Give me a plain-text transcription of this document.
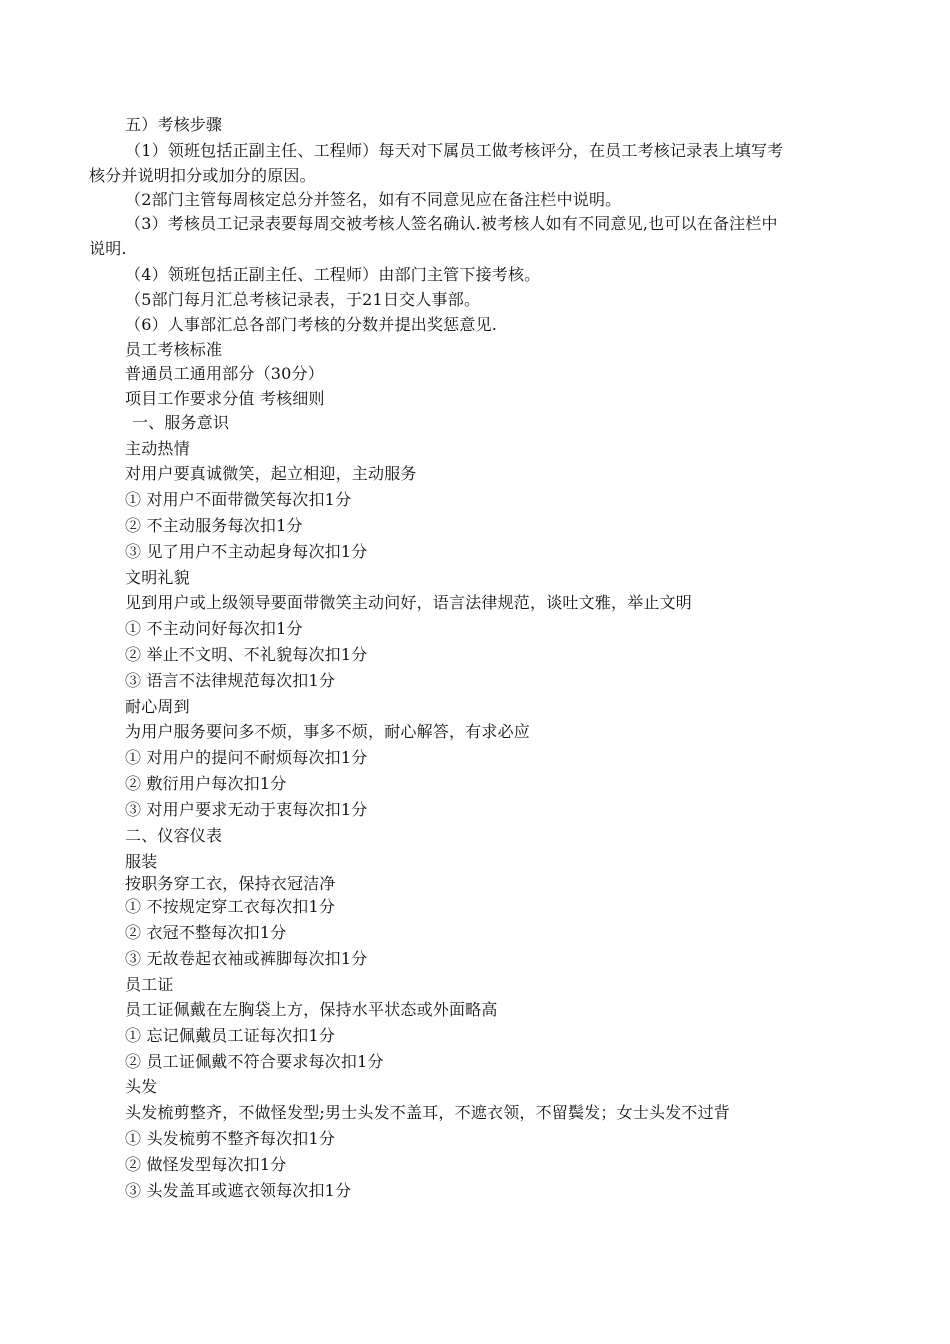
五）考核步骤
（1）领班包括正副主任、工程师）每天对下属员工做考核评分，在员工考核记录表上填写考
核分并说明扣分或加分的原因。
（2部门主管每周核定总分并签名，如有不同意见应在备注栏中说明。
（3）考核员工记录表要每周交被考核人签名确认.被考核人如有不同意见,也可以在备注栏中
说明.
（4）领班包括正副主任、工程师）由部门主管下接考核。
（5部门每月汇总考核记录表，于21日交人事部。
（6）人事部汇总各部门考核的分数并提出奖惩意见.
员工考核标准
普通员工通用部分（30分）
项目工作要求分值 考核细则
一、服务意识
主动热情
对用户要真诚微笑，起立相迎，主动服务
① 对用户不面带微笑每次扣1分
② 不主动服务每次扣1分
③ 见了用户不主动起身每次扣1分
文明礼貌
见到用户或上级领导要面带微笑主动问好，语言法律规范，谈吐文雅，举止文明
① 不主动问好每次扣1分
② 举止不文明、不礼貌每次扣1分
③ 语言不法律规范每次扣1分
耐心周到
为用户服务要问多不烦，事多不烦，耐心解答，有求必应
① 对用户的提问不耐烦每次扣1分
② 敷衍用户每次扣1分
③ 对用户要求无动于衷每次扣1分
二、仪容仪表
服装
按职务穿工衣，保持衣冠洁净
① 不按规定穿工衣每次扣1分
② 衣冠不整每次扣1分
③ 无故卷起衣袖或裤脚每次扣1分
员工证
员工证佩戴在左胸袋上方，保持水平状态或外面略高
① 忘记佩戴员工证每次扣1分
② 员工证佩戴不符合要求每次扣1分
头发
头发梳剪整齐，不做怪发型;男士头发不盖耳，不遮衣领，不留鬓发；女士头发不过背
① 头发梳剪不整齐每次扣1分
② 做怪发型每次扣1分
③ 头发盖耳或遮衣领每次扣1分
